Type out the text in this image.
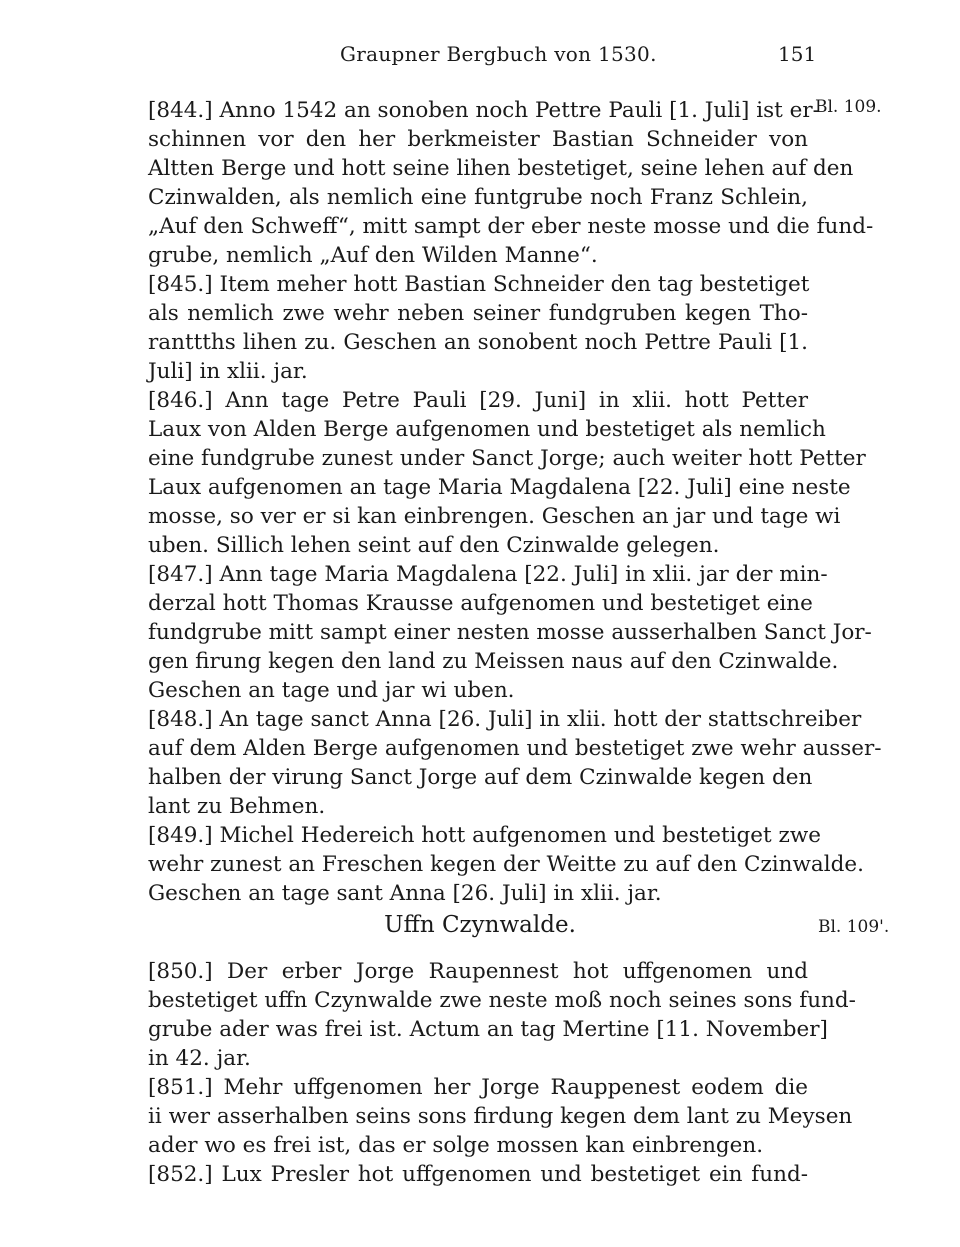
Graupner Bergbuch von 1530.	151
Bl. 109.
Bl. 109'.
[844.] Anno 1542 an sonoben noch Pettre Pauli [1. Juli] ist er-
schinnen vor den her berkmeister Bastian Schneider von
Altten Berge und hott seine lihen bestetiget, seine lehen auf den
Czinwalden, als nemlich eine funtgrube noch Franz Schlein,
„Auf den Schweff“, mitt sampt der eber neste mosse und die fund-
grube, nemlich „Auf den Wilden Manne“.
[845.] Item meher hott Bastian Schneider den tag bestetiget
als nemlich zwe wehr neben seiner fundgruben kegen Tho-
ranttths lihen zu. Geschen an sonobent noch Pettre Pauli [1.
Juli] in xlii. jar.
[846.] Ann tage Petre Pauli [29. Juni] in xlii. hott Petter
Laux von Alden Berge aufgenomen und bestetiget als nemlich
eine fundgrube zunest under Sanct Jorge; auch weiter hott Petter
Laux aufgenomen an tage Maria Magdalena [22. Juli] eine neste
mosse, so ver er si kan einbrengen. Geschen an jar und tage wi
uben. Sillich lehen seint auf den Czinwalde gelegen.
[847.] Ann tage Maria Magdalena [22. Juli] in xlii. jar der min-
derzal hott Thomas Krausse aufgenomen und bestetiget eine
fundgrube mitt sampt einer nesten mosse ausserhalben Sanct Jor-
gen firung kegen den land zu Meissen naus auf den Czinwalde.
Geschen an tage und jar wi uben.
[848.] An tage sanct Anna [26. Juli] in xlii. hott der stattschreiber
auf dem Alden Berge aufgenomen und bestetiget zwe wehr ausser-
halben der virung Sanct Jorge auf dem Czinwalde kegen den
lant zu Behmen.
[849.] Michel Hedereich hott aufgenomen und bestetiget zwe
wehr zunest an Freschen kegen der Weitte zu auf den Czinwalde.
Geschen an tage sant Anna [26. Juli] in xlii. jar.
Uffn Czynwalde.
[850.] Der erber Jorge Raupennest hot uffgenomen und
bestetiget uffn Czynwalde zwe neste moß noch seines sons fund-
grube ader was frei ist. Actum an tag Mertine [11. November]
in 42. jar.
[851.] Mehr uffgenomen her Jorge Rauppenest eodem die
ii wer asserhalben seins sons firdung kegen dem lant zu Meysen
ader wo es frei ist, das er solge mossen kan einbrengen.
[852.] Lux Presler hot uffgenomen und bestetiget ein fund-
